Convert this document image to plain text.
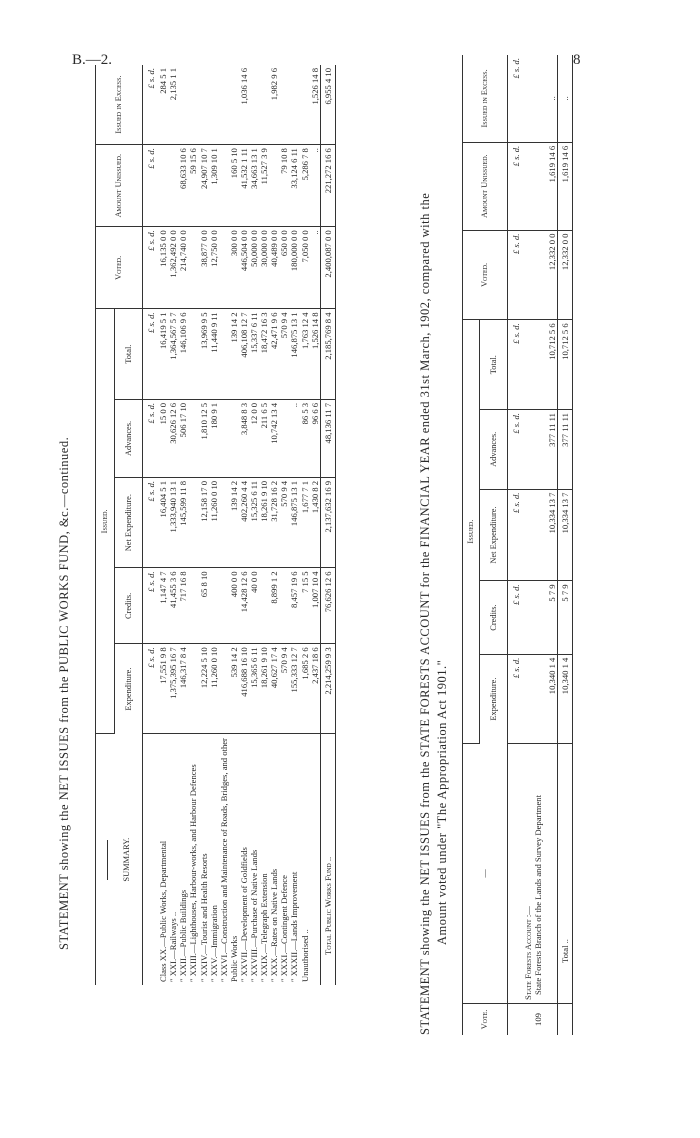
B.—2.	8
STATEMENT showing the NET ISSUES from the PUBLIC WORKS FUND, &c.—continued.	SUMMARY.	Issued.					Voted.	Amount Unissued.	Issued in Excess.
	Expenditure.	Credits.	Net Expenditure.	Advances.	Total.			
	£ s. d.	£ s. d.	£ s. d.	£ s. d.	£ s. d.	£ s. d.	£ s. d.	£ s. d.
Class XX.—Public Works, Departmental	17,551 9 8	1,147 4 7	16,404 5 1	15 0 0	16,419 5 1	16,135 0 0		284 5 1
″ XXI.—Railways ..	1,375,395 16 7	41,455 3 6	1,333,940 13 1	30,626 12 6	1,364,567 5 7	1,362,492 0 0		2,135 1 1
″ XXII.—Public Buildings	146,317 8 4	717 16 8	145,599 11 8	506 17 10	146,106 9 6	214,740 0 0	68,633 10 6	
″ XXIII.—Lighthouses, Harbour-works, and Harbour Defences							59 15 6	
″ XXIV.—Tourist and Health Resorts	12,224 5 10	65 8 10	12,158 17 0	1,810 12 5	13,969 9 5	38,877 0 0	24,907 10 7	
″ XXV.—Immigration	11,260 0 10		11,260 0 10	180 9 1	11,440 9 11	12,750 0 0	1,309 10 1	
″ XXVI.—Construction and Maintenance of Roads, Bridges, and other Public Works	539 14 2	400 0 0	139 14 2		139 14 2	300 0 0	160 5 10	
″ XXVII.—Development of Goldfields	416,688 16 10	14,428 12 6	402,260 4 4	3,848 8 3	406,108 12 7	446,504 0 0	41,532 1 11	1,036 14 6
″ XXVIII.—Purchase of Native Lands	15,365 6 11	40 0 0	15,325 6 11	12 0 0	15,337 6 11	50,000 0 0	34,663 13 1	
″ XXIX.—Telegraph Extension	18,261 9 10		18,261 9 10	211 6 5	18,472 16 3	30,000 0 0	11,527 3 9	
″ XXX.—Rates on Native Lands	40,627 17 4	8,899 1 2	31,728 16 2	10,742 13 4	42,471 9 6	40,489 0 0		1,982 9 6
″ XXXI.—Contingent Defence	570 9 4		570 9 4		570 9 4	650 0 0	79 10 8	
″ XXXII.—Lands Improvement	155,333 12 7	8,457 19 6	146,875 13 1	..	146,875 13 1	180,000 0 0	33,124 6 11	
Unauthorised ..	1,685 2 6	7 15 5	1,677 7 1	86 5 3	1,763 12 4	7,050 0 0	5,286 7 8	
	2,437 18 6	1,007 10 4	1,430 8 2	96 6 6	1,526 14 8	..	..	1,526 14 8
Total Public Works Fund ..	2,214,259 9 3	76,626 12 6	2,137,632 16 9	48,136 11 7	2,185,769 8 4	2,400,087 0 0	221,272 16 6	6,955 4 10
STATEMENT showing the NET ISSUES from the STATE FORESTS ACCOUNT for the FINANCIAL YEAR ended 31st March, 1902, compared with the Amount voted under "The Appropriation Act 1901."
Vote.	—	Issued.					Voted.	Amount Unissued.	Issued in Excess.
		Expenditure.	Credits.	Net Expenditure.	Advances.	Total.			
		£ s. d.	£ s. d.	£ s. d.	£ s. d.	£ s. d.	£ s. d.	£ s. d.	£ s. d.
	State Forests Account :—								
109	State Forests Branch of the Lands and Survey Department	10,340 1 4	5 7 9	10,334 13 7	377 11 11	10,712 5 6	12,332 0 0	1,619 14 6	..
	Total ..	10,340 1 4	5 7 9	10,334 13 7	377 11 11	10,712 5 6	12,332 0 0	1,619 14 6	..
